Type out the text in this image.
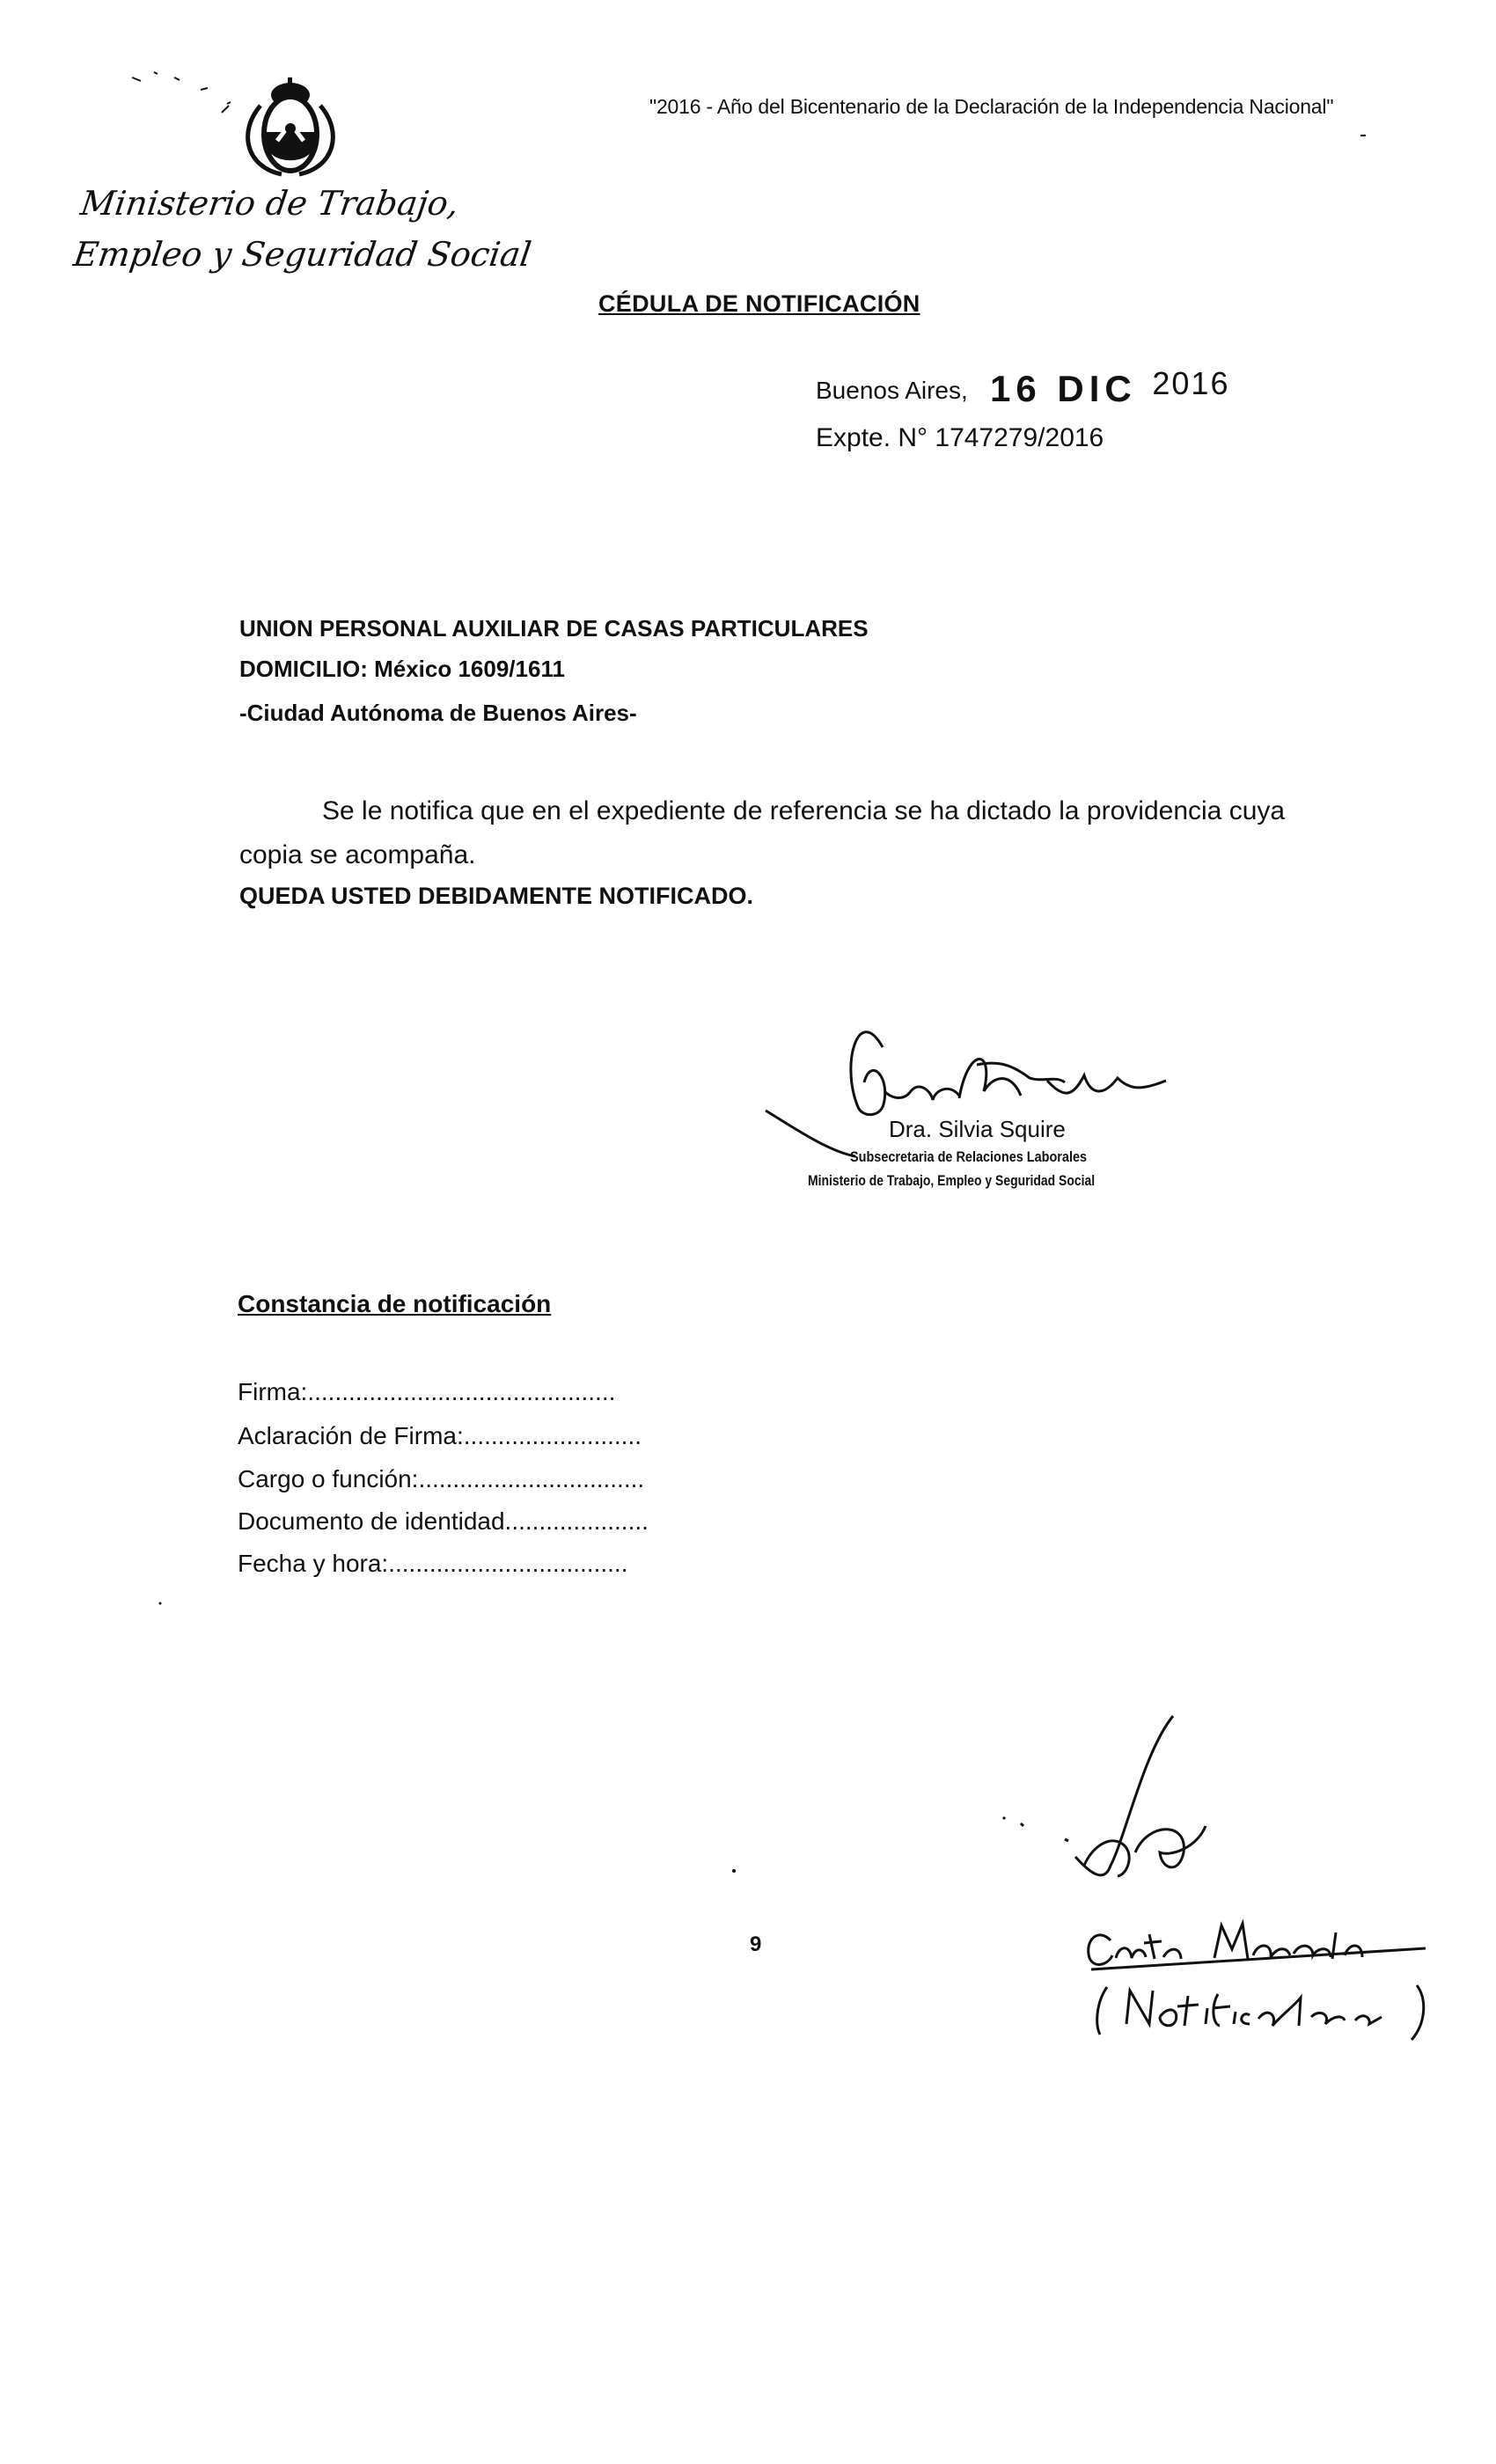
"2016 - Año del Bicentenario de la Declaración de la Independencia Nacional"
Ministerio de Trabajo,
Empleo y Seguridad Social
CÉDULA DE NOTIFICACIÓN
Buenos Aires, 16 DIC 2016
Expte. N° 1747279/2016
UNION PERSONAL AUXILIAR DE CASAS PARTICULARES
DOMICILIO: México 1609/1611
-Ciudad Autónoma de Buenos Aires-
Se le notifica que en el expediente de referencia se ha dictado la providencia cuya copia se acompaña.
QUEDA USTED DEBIDAMENTE NOTIFICADO.
Dra. Silvia Squire
Subsecretaria de Relaciones Laborales
Ministerio de Trabajo, Empleo y Seguridad Social
Constancia de notificación
Firma:.............................................
Aclaración de Firma:..........................
Cargo o función:.................................
Documento de identidad.....................
Fecha y hora:...................................
9
